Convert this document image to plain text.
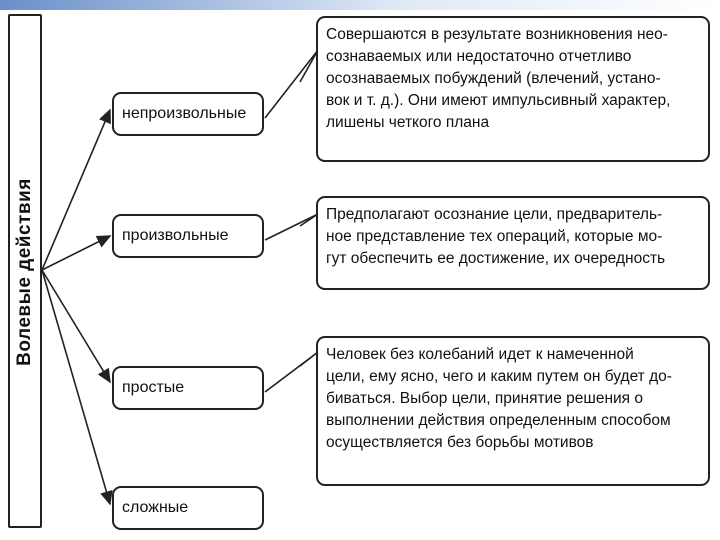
Волевые действия
непроизвольные
произвольные
простые
сложные
Совершаются в результате возникновения нео-
сознаваемых или недостаточно отчетливо
осознаваемых побуждений (влечений, устано-
вок и т. д.). Они имеют импульсивный характер,
лишены четкого плана
Предполагают осознание цели, предваритель-
ное представление тех операций, которые мо-
гут обеспечить ее достижение, их очередность
Человек без колебаний идет к намеченной
цели, ему ясно, чего и каким путем он будет до-
биваться. Выбор цели, принятие решения о
выполнении действия определенным способом
осуществляется без борьбы мотивов
